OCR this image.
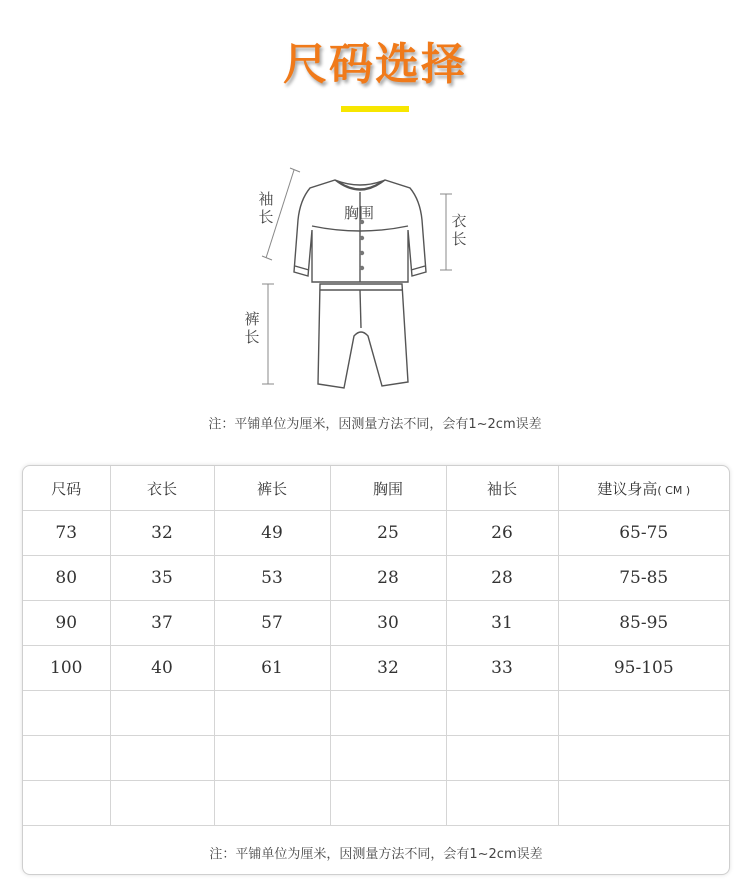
尺码选择
袖长	胸围	衣长
裤长
注：平铺单位为厘米，因测量方法不同，会有1~2cm误差
尺码	衣长	裤长	胸围	袖长	建议身高( CM )
73	32	49	25	26	65-75
80	35	53	28	28	75-85
90	37	57	30	31	85-95
100	40	61	32	33	95-105

注：平铺单位为厘米，因测量方法不同，会有1~2cm误差
